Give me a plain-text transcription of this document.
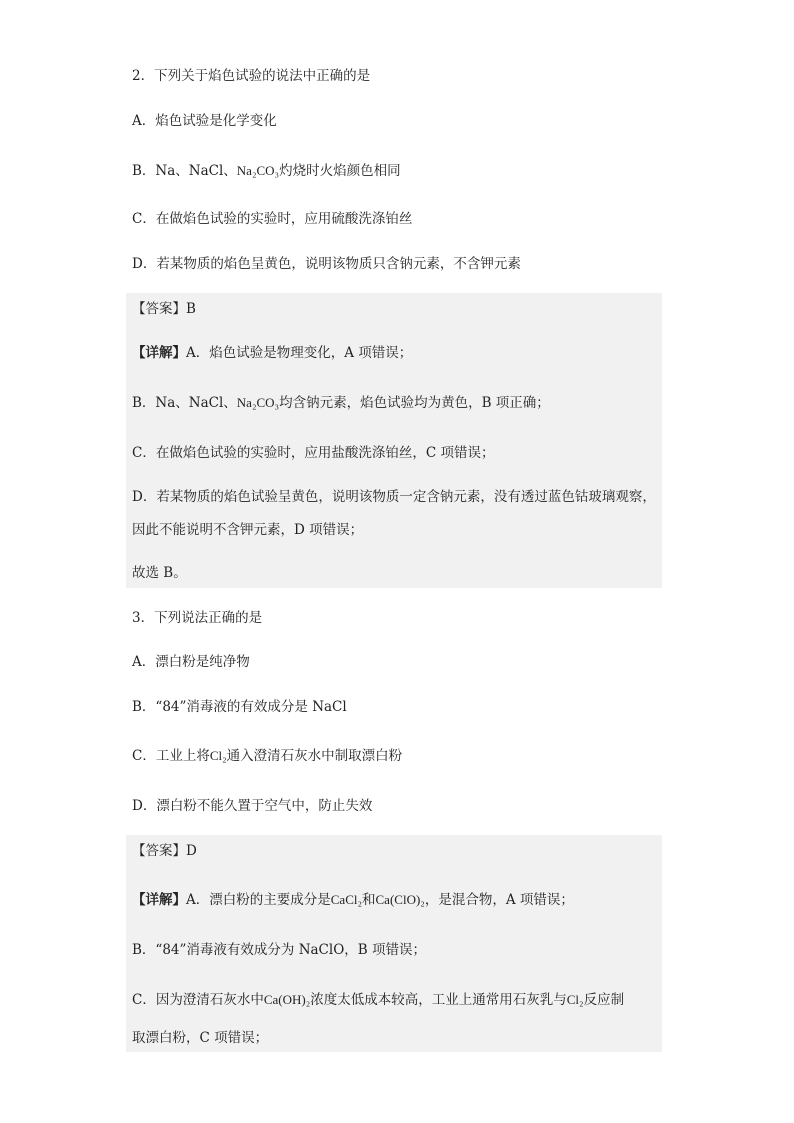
2．下列关于焰色试验的说法中正确的是
A．焰色试验是化学变化
B．Na、NaCl、Na₂CO₃灼烧时火焰颜色相同
C．在做焰色试验的实验时，应用硫酸洗涤铂丝
D．若某物质的焰色呈黄色，说明该物质只含钠元素，不含钾元素
【答案】B
【详解】A．焰色试验是物理变化，A 项错误；
B．Na、NaCl、Na₂CO₃均含钠元素，焰色试验均为黄色，B 项正确；
C．在做焰色试验的实验时，应用盐酸洗涤铂丝，C 项错误；
D．若某物质的焰色试验呈黄色，说明该物质一定含钠元素，没有透过蓝色钴玻璃观察，
因此不能说明不含钾元素，D 项错误；
故选 B。
3．下列说法正确的是
A．漂白粉是纯净物
B．“84”消毒液的有效成分是 NaCl
C．工业上将Cl₂通入澄清石灰水中制取漂白粉
D．漂白粉不能久置于空气中，防止失效
【答案】D
【详解】A．漂白粉的主要成分是CaCl₂和Ca(ClO)₂，是混合物，A 项错误；
B．“84”消毒液有效成分为 NaClO，B 项错误；
C．因为澄清石灰水中Ca(OH)₂浓度太低成本较高，工业上通常用石灰乳与Cl₂反应制
取漂白粉，C 项错误；
